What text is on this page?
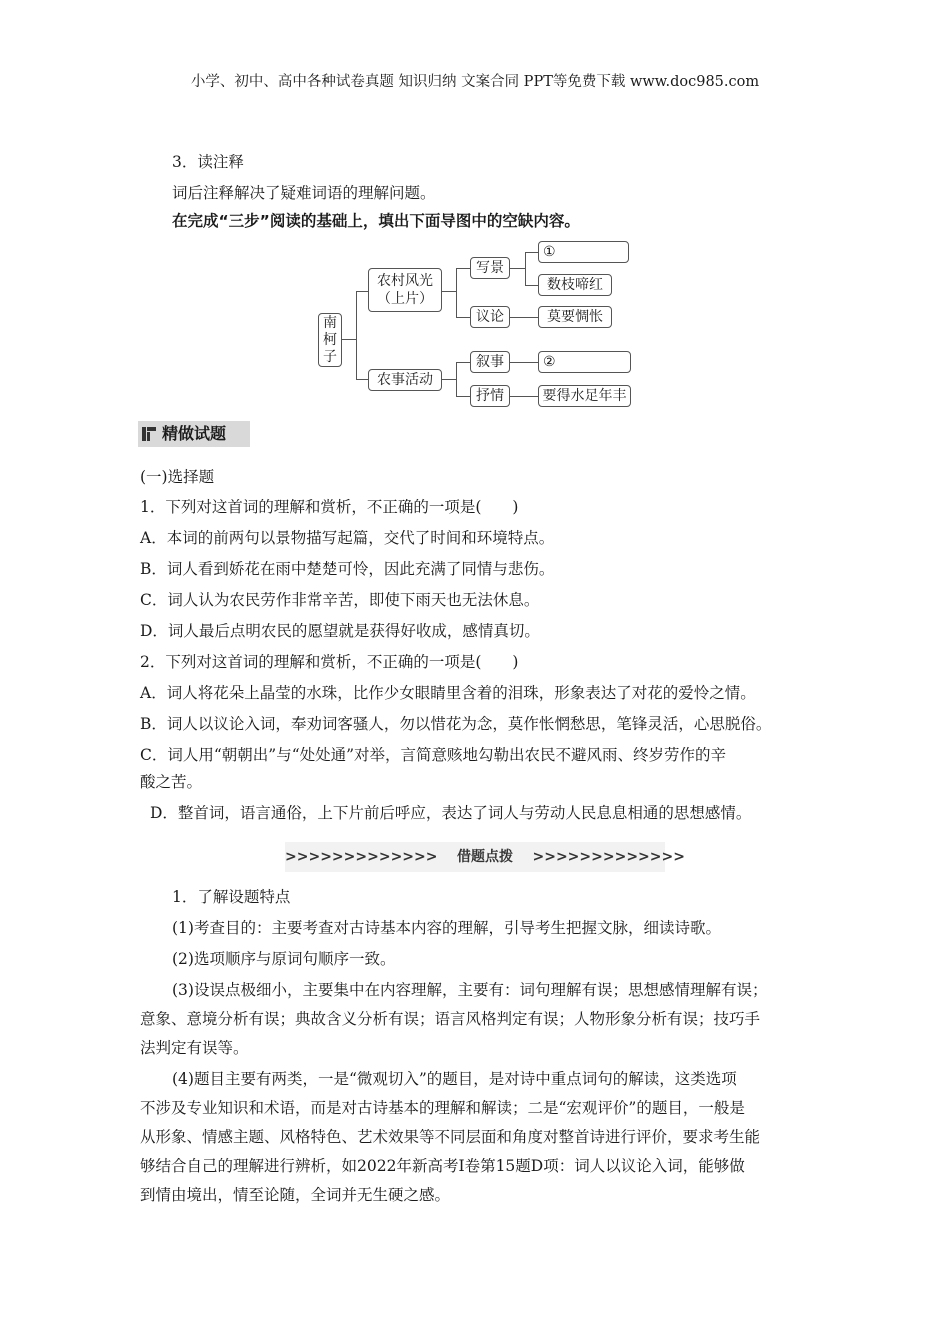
小学、初中、高中各种试卷真题 知识归纳 文案合同 PPT等免费下载 www.doc985.com
3．读注释
词后注释解决了疑难词语的理解问题。
在完成“三步”阅读的基础上，填出下面导图中的空缺内容。
南柯子
农村风光
（上片）
农事活动
写景
议论
叙事
抒情
①
数枝啼红
莫要惆怅
②
要得水足年丰
精做试题
(一)选择题
1．下列对这首词的理解和赏析，不正确的一项是(　　)
A．本词的前两句以景物描写起篇，交代了时间和环境特点。
B．词人看到娇花在雨中楚楚可怜，因此充满了同情与悲伤。
C．词人认为农民劳作非常辛苦，即使下雨天也无法休息。
D．词人最后点明农民的愿望就是获得好收成，感情真切。
2．下列对这首词的理解和赏析，不正确的一项是(　　)
A．词人将花朵上晶莹的水珠，比作少女眼睛里含着的泪珠，形象表达了对花的爱怜之情。
B．词人以议论入词，奉劝词客骚人，勿以惜花为念，莫作怅惘愁思，笔锋灵活，心思脱俗。
C．词人用“朝朝出”与“处处通”对举，言简意赅地勾勒出农民不避风雨、终岁劳作的辛
酸之苦。
D．整首词，语言通俗，上下片前后呼应，表达了词人与劳动人民息息相通的思想感情。
>>>>>>>>>>>>>    借题点拨    >>>>>>>>>>>>>
1．了解设题特点
(1)考查目的：主要考查对古诗基本内容的理解，引导考生把握文脉，细读诗歌。
(2)选项顺序与原词句顺序一致。
(3)设误点极细小，主要集中在内容理解，主要有：词句理解有误；思想感情理解有误；
意象、意境分析有误；典故含义分析有误；语言风格判定有误；人物形象分析有误；技巧手
法判定有误等。
(4)题目主要有两类，一是“微观切入”的题目，是对诗中重点词句的解读，这类选项
不涉及专业知识和术语，而是对古诗基本的理解和解读；二是“宏观评价”的题目，一般是
从形象、情感主题、风格特色、艺术效果等不同层面和角度对整首诗进行评价，要求考生能
够结合自己的理解进行辨析，如2022年新高考Ⅰ卷第15题D项：词人以议论入词，能够做
到情由境出，情至论随，全词并无生硬之感。
